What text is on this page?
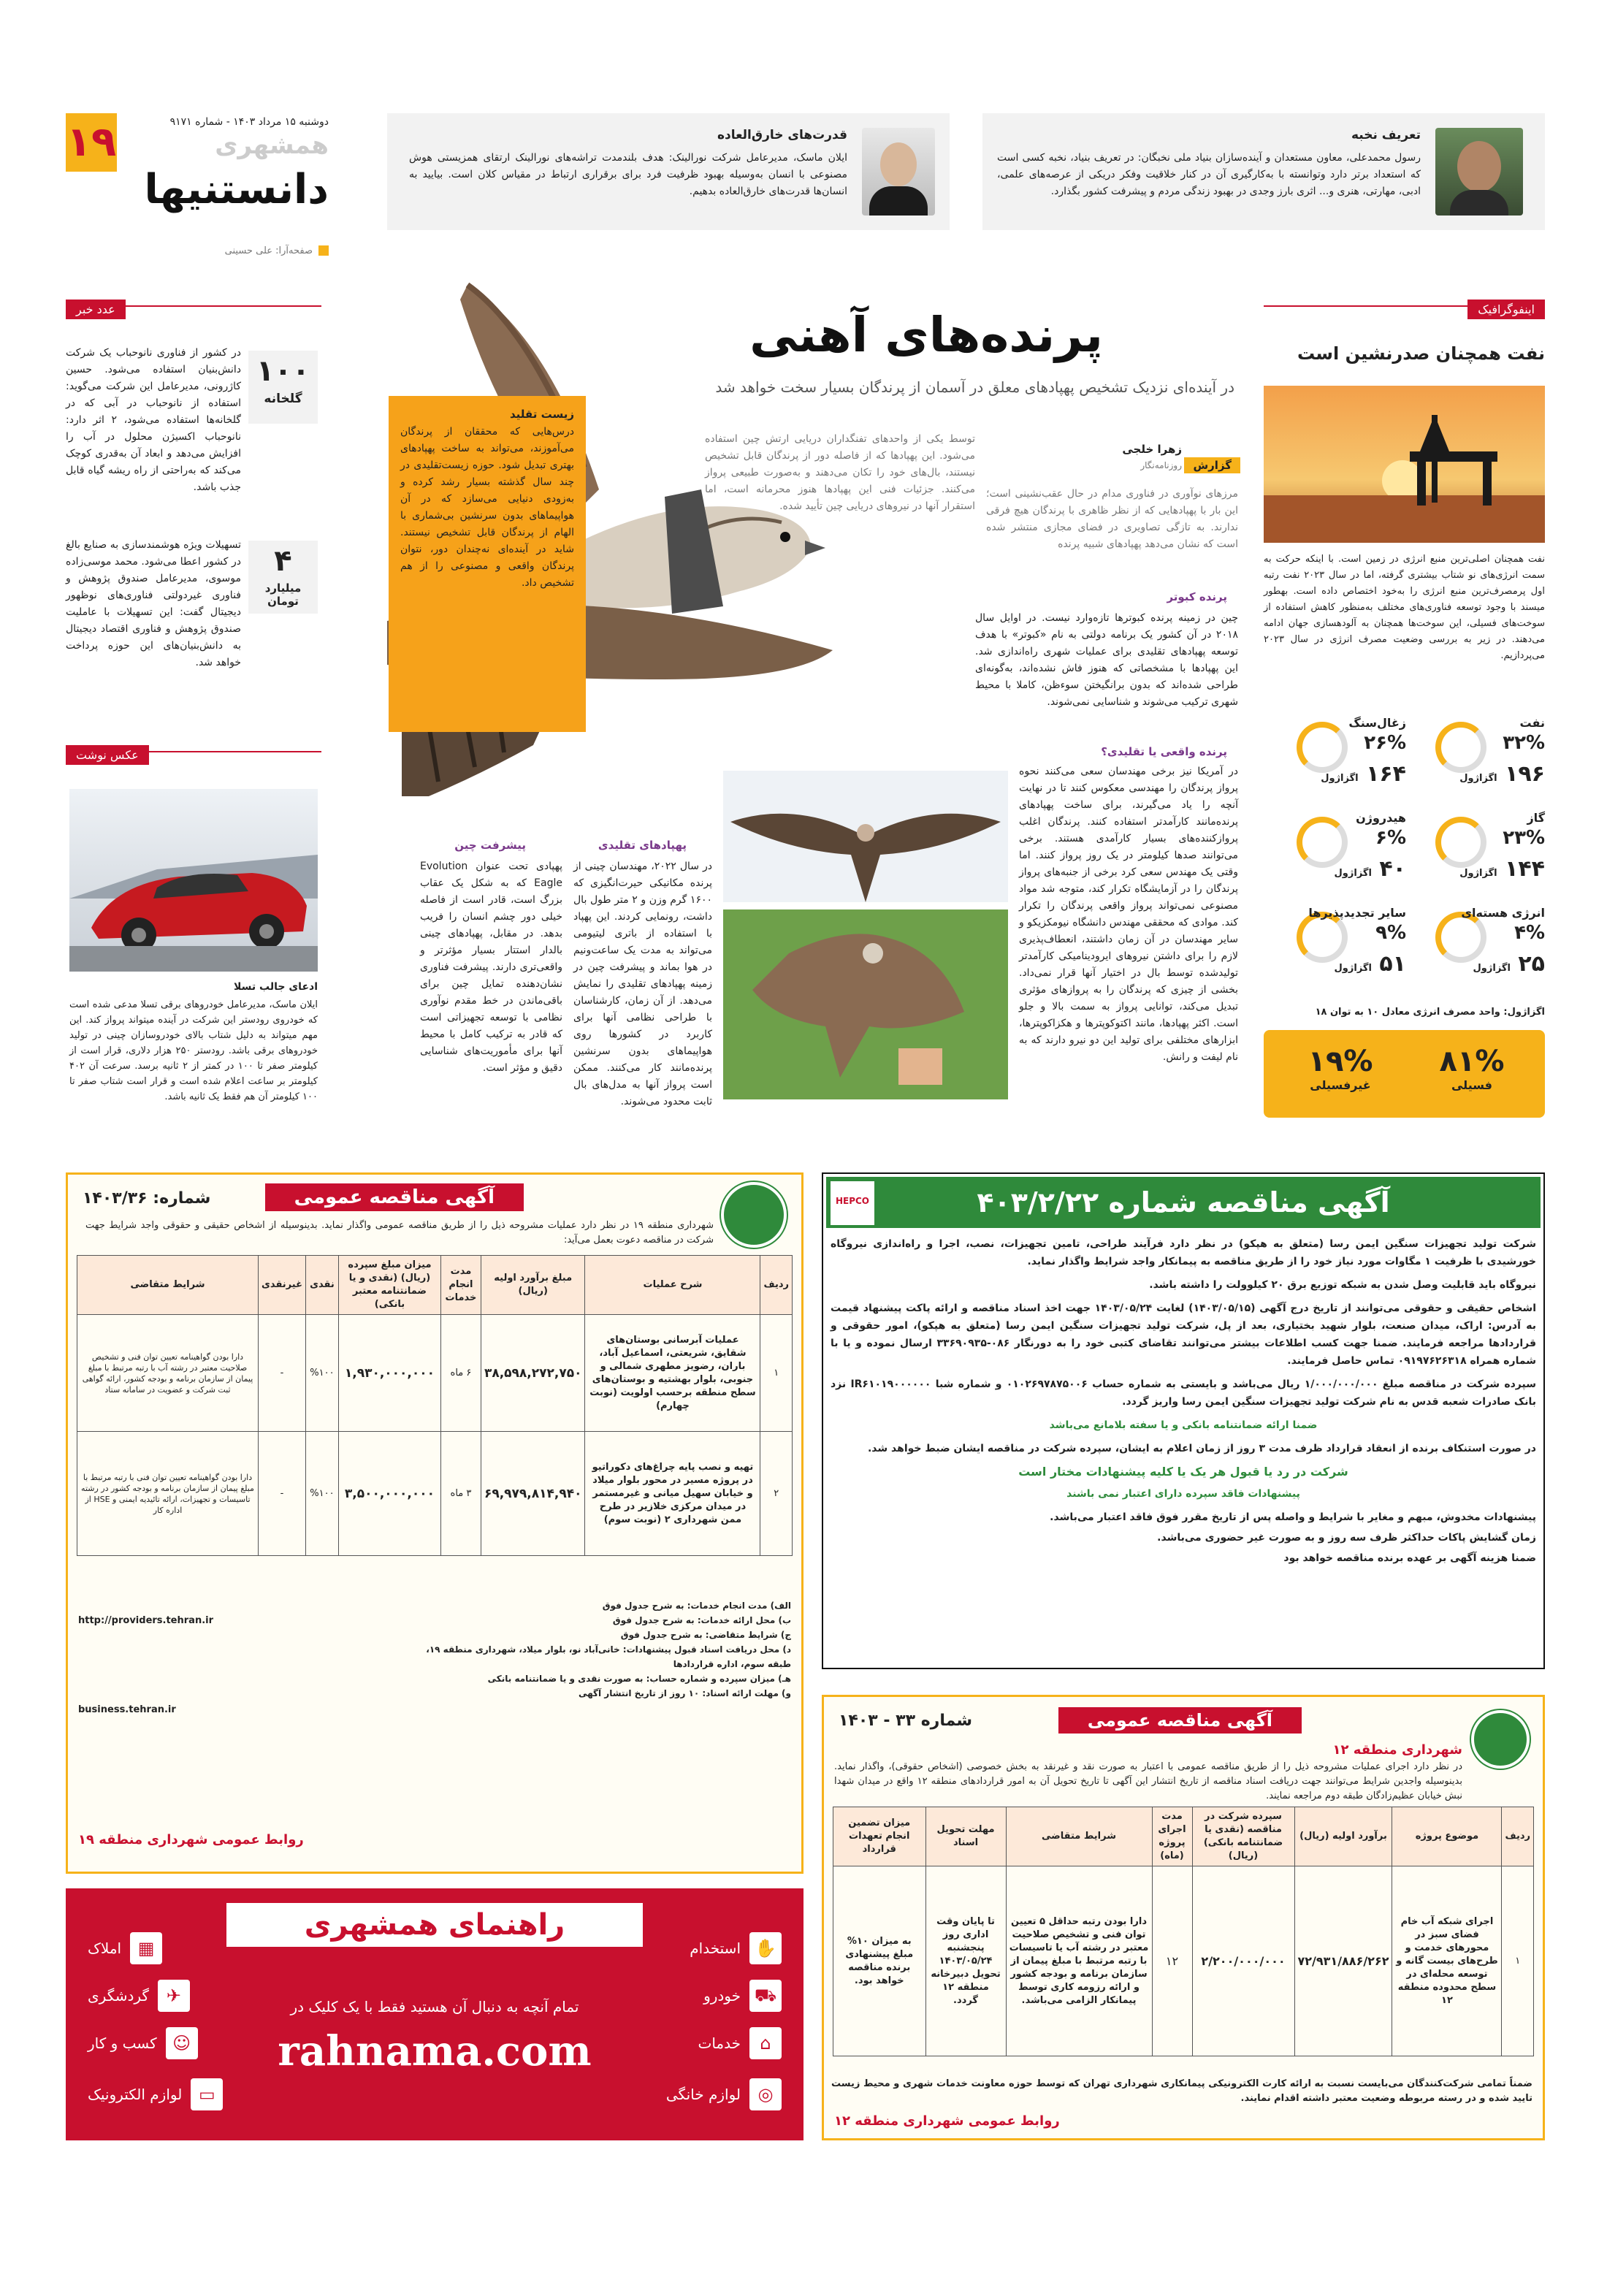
۱۹	دوشنبه ۱۵ مرداد ۱۴۰۳ - شماره ۹۱۷۱
همشهری
دانستنیها
صفحه‌آرا: علی حسینی
تعریف نخبه
رسول محمدعلی، معاون مستعدان و آینده‌سازان بنیاد ملی نخبگان: در تعریف بنیاد، نخبه کسی است که استعداد برتر دارد وتوانسته با به‌کارگیری آن در کنار خلاقیت وفکر دریکی از عرصه‌های علمی، ادبی، مهارتی، هنری و... اثری بارز وجدی در بهبود زندگی مردم و پیشرفت کشور بگذارد.
قدرت‌های خارق‌العاده
ایلان ماسک، مدیرعامل شرکت نورالینک: هدف بلندمدت تراشه‌های نورالینک ارتقای همزیستی هوش مصنوعی با انسان به‌وسیله بهبود ظرفیت فرد برای برقراری ارتباط در مقیاس کلان است. بیایید به انسان‌ها قدرت‌های خارق‌العاده بدهیم.
عدد خبر
۱۰۰
گلخانه
در کشور از فناوری نانوحباب یک شرکت دانش‌بنیان استفاده می‌شود. حسین کاژرونی، مدیرعامل این شرکت می‌گوید: استفاده از نانوحباب در آبی که در گلخانه‌ها استفاده می‌شود، ۲ اثر دارد: نانوحباب اکسیژن محلول در آب را افزایش می‌دهد و ابعاد آن به‌قدری کوچک می‌کند که به‌راحتی از راه ریشه گیاه قابل جذب باشد.
۴
میلیارد تومان
تسهیلات ویژه هوشمندسازی به صنایع بالغ در کشور اعطا می‌شود. محمد موسی‌زاده موسوی، مدیرعامل صندوق پژوهش و فناوری غیردولتی فناوری‌های نوظهور دیجیتال گفت: این تسهیلات با عاملیت صندوق پژوهش و فناوری اقتصاد دیجیتال به دانش‌بنیان‌های این حوزه پرداخت خواهد شد.
عکس نوشت
ادعای جالب تسلا
ایلان ماسک، مدیرعامل خودروهای برقی تسلا مدعی شده است که خودروی رودستر این شرکت در آینده میتواند پرواز کند. این مهم میتواند به دلیل شتاب بالای خودروسازان چینی در تولید خودروهای برقی باشد. رودستر ۲۵۰ هزار دلاری، قرار است از کیلومتر صفر تا ۱۰۰ در کمتر از ۲ ثانیه برسد. سرعت آن ۴۰۲ کیلومتر بر ساعت اعلام شده است و قرار است شتاب صفر تا ۱۰۰ کیلومتر آن هم فقط یک ثانیه باشد.
پرنده‌های آهنی
در آینده‌ای نزدیک تشخیص پهپادهای معلق در آسمان از پرندگان بسیار سخت خواهد شد
زیست تقلید
درس‌هایی که محققان از پرندگان می‌آموزند، می‌تواند به ساخت پهپادهای بهتری تبدیل شود. حوزه زیست‌تقلیدی در چند سال گذشته بسیار رشد کرده و به‌زودی دنیایی می‌سازد که در آن هواپیماهای بدون سرنشین بی‌شماری با الهام از پرندگان قابل تشخیص نیستند. شاید در آینده‌ای نه‌چندان دور، نتوان پرندگان واقعی و مصنوعی را از هم تشخیص داد.
گزارش
زهرا خلجی
روزنامه‌نگار
مرزهای نوآوری در فناوری مدام در حال عقب‌نشینی است؛ این بار با پهپادهایی که از نظر ظاهری با پرندگان هیچ فرقی ندارند. به تازگی تصاویری در فضای مجازی منتشر شده است که نشان می‌دهد پهپادهای شبیه پرنده
توسط یکی از واحدهای تفنگداران دریایی ارتش چین استفاده می‌شود. این پهپادها که از فاصله دور از پرندگان قابل تشخیص نیستند، بال‌های خود را تکان می‌دهند و به‌صورت طبیعی پرواز می‌کنند. جزئیات فنی این پهپادها هنوز محرمانه است، اما استقرار آنها در نیروهای دریایی چین تأیید شده.
پرنده کبوتر
چین در زمینه پرنده کبوترها تازه‌وارد نیست. در اوایل سال ۲۰۱۸ در آن کشور یک برنامه دولتی به نام «کبوتر» با هدف توسعه پهپادهای تقلیدی برای عملیات شهری راه‌اندازی شد. این پهپادها با مشخصاتی که هنوز فاش نشده‌اند، به‌گونه‌ای طراحی شده‌اند که بدون برانگیختن سوءظن، کاملا با محیط شهری ترکیب می‌شوند و شناسایی نمی‌شوند.
پرنده واقعی یا تقلیدی؟
در آمریکا نیز برخی مهندسان سعی می‌کنند نحوه پرواز پرندگان را مهندسی معکوس کنند تا در نهایت آنچه را یاد می‌گیرند، برای ساخت پهپادهای پرنده‌مانند کارآمدتر استفاده کنند. پرندگان اغلب پروازکننده‌های بسیار کارآمدی هستند. برخی می‌توانند صدها کیلومتر در یک روز پرواز کنند. اما وقتی یک مهندس سعی کرد برخی از جنبه‌های پرواز پرندگان را در آزمایشگاه تکرار کند، متوجه شد مواد مصنوعی نمی‌تواند پرواز واقعی پرندگان را تکرار کند. موادی که محققی مهندس دانشگاه نیومکزیکو و سایر مهندسان در آن زمان داشتند، انعطاف‌پذیری لازم را برای داشتن نیروهای ایرودینامیکی کارآمدتر تولید‌شده توسط بال در اختیار آنها قرار نمی‌داد. بخشی از چیزی که پرندگان را به پروازهای مؤثری تبدیل می‌کند، توانایی پرواز به سمت بالا و جلو است. اکثر پهپادها، مانند اکتوکوپترها و هکزاکوپترها، ابزارهای مختلفی برای تولید این دو نیرو دارند که به نام لیفت و رانش.
پهپادهای تقلیدی
در سال ۲۰۲۲، مهندسان چینی از پرنده مکانیکی حیرت‌انگیزی که ۱۶۰۰ گرم وزن و ۲ متر طول بال داشت، رونمایی کردند. این پهپاد با استفاده از باتری لیتیومی می‌تواند به مدت یک ساعت‌ونیم در هوا بماند و پیشرفت چین در زمینه پهپادهای تقلیدی را نمایش می‌دهد. از آن زمان، کارشناسان با طراحی نظامی آنها برای کاربرد در کشورها روی هواپیماهای بدون سرنشین پرنده‌مانند کار می‌کنند. ممکن است پرواز آنها به مدل‌های بال ثابت محدود می‌شوند.
پیشرفت چین
پهپادی تحت عنوان Evolution Eagle که به شکل یک عقاب بزرگ است، قادر است از فاصله خیلی دور چشم انسان را فریب بدهد. در مقابل، پهپادهای چینی بالدار استتار بسیار مؤثرتر و واقعی‌تری دارند. پیشرفت فناوری نشان‌دهنده تمایل چین برای باقی‌ماندن در خط مقدم نوآوری نظامی با توسعه تجهیزاتی است که قادر به ترکیب کامل با محیط آنها برای مأموریت‌های شناسایی دقیق و مؤثر است.
اینفوگرافیک
نفت همچنان صدرنشین است
نفت همچنان اصلی‌ترین منبع انرژی در زمین است. با اینکه حرکت به سمت انرژی‌های نو شتاب بیشتری گرفته، اما در سال ۲۰۲۳ نفت رتبه اول پرمصرف‌ترین منبع انرژی را به‌خود اختصاص داده است. بهطور میسند با وجود توسعه فناوری‌های مختلف به‌منظور کاهش استفاده از سوخت‌های فسیلی، این سوخت‌ها همچنان به آلودهسازی جهان ادامه می‌دهند. در زیر به بررسی وضعیت مصرف انرژی در سال ۲۰۲۳ می‌پردازیم.
نفت
۳۲%
۱۹۶ اگزاژول
زغال‌سنگ
۲۶%
۱۶۴ اگزاژول
گاز
۲۳%
۱۴۴ اگزاژول
هیدروژن
۶%
۴۰ اگزاژول
انرژی هسته‌ای
۴%
۲۵ اگزاژول
سایر تجدیدپذیرها
۹%
۵۱ اگزاژول
اگزاژول: واحد مصرف انرژی معادل ۱۰ به توان ۱۸
۸۱%
فسیلی
۱۹%
غیرفسیلی
آگهی مناقصه شماره ۴۰۳/۲/۲۲
HEPCO

شرکت تولید تجهیزات سنگین ایمن رسا (متعلق به هپکو) در نظر دارد فرآیند طراحی، تامین تجهیزات، نصب، اجرا و راه‌اندازی نیروگاه خورشیدی با ظرفیت ۱ مگاوات مورد نیاز خود را از طریق مناقصه به پیمانکار واجد شرایط واگذار نماید.

نیروگاه باید قابلیت وصل شدن به شبکه توزیع برق ۲۰ کیلوولت را داشته باشد.

اشخاص حقیقی و حقوقی می‌توانند از تاریخ درج آگهی (۱۴۰۳/۰۵/۱۵) لغایت ۱۴۰۳/۰۵/۲۴ جهت اخذ اسناد مناقصه و ارائه پاکت پیشنهاد قیمت به آدرس: اراک، میدان صنعت، بلوار شهید بختیاری، بعد از پل، شرکت تولید تجهیزات سنگین ایمن رسا (متعلق به هپکو)، امور حقوقی و قراردادها مراجعه فرمایند. ضمنا جهت کسب اطلاعات بیشتر می‌توانند تقاضای کتبی خود را به دورنگار ۰۸۶-۳۳۶۹۰۹۳۵ ارسال نموده و یا با شماره همراه ۰۹۱۹۷۶۲۶۳۱۸ تماس حاصل فرمایند.

سپرده شرکت در مناقصه مبلغ ۱/۰۰۰/۰۰۰/۰۰۰ ریال می‌باشد و بایستی به شماره حساب ۰۱۰۲۶۹۷۸۷۵۰۰۶ و شماره شبا IR۶۱۰۱۹۰۰۰۰۰۰ نزد بانک صادرات شعبه قدس به نام شرکت تولید تجهیزات سنگین ایمن رسا واریز گردد.

ضمنا ارائه ضمانتنامه بانکی و یا سفته بلامانع می‌باشد

در صورت استنکاف برنده از انعقاد قرارداد ظرف مدت ۳ روز از زمان اعلام به ایشان، سپرده شرکت در مناقصه ایشان ضبط خواهد شد.

شرکت در رد یا قبول هر یک یا کلیه پیشنهادات مختار است

پیشنهادات فاقد سپرده دارای اعتبار نمی باشند

پیشنهادات مخدوش، مبهم و مغایر با شرایط و واصله پس از تاریخ مقرر فوق فاقد اعتبار می‌باشد.

زمان گشایش پاکات حداکثر ظرف سه روز و به صورت غیر حضوری می‌باشد.

ضمنا هزینه آگهی بر عهده برنده مناقصه خواهد بود

آگهی مناقصه عمومی
شماره: ۱۴۰۳/۳۶
شهرداری منطقه ۱۹ در نظر دارد عملیات مشروحه ذیل را از طریق مناقصه عمومی واگذار نماید. بدینوسیله از اشخاص حقیقی و حقوقی واجد شرایط جهت شرکت در مناقصه دعوت بعمل می‌آید:
ردیف	شرح عملیات	مبلغ برآورد اولیه (ریال)	مدت انجام خدمات	میزان مبلغ سپرده (ریال) (نقدی و یا ضمانتنامه معتبر بانکی)	نقدی	غیرنقدی	شرایط متقاضی
۱	عملیات آبرسانی بوستان‌های شقایق، شریعتی، اسماعیل آباد، باران، رضویز مطهری شمالی و جنوبی، بلوار بهشتیه و بوستان‌های سطح منطقه برحسب اولویت (نوبت چهارم)	۳۸,۵۹۸,۲۷۲,۷۵۰	۶ ماه	۱,۹۳۰,۰۰۰,۰۰۰	%۱۰۰	-	دارا بودن گواهینامه تعیین توان فنی و تشخیص صلاحیت معتبر در رشته آب با رتبه مرتبط با مبلغ پیمان از سازمان برنامه و بودجه کشور، ارائه گواهی ثبت شرکت و عضویت در سامانه ستاد
۲	تهیه و نصب پایه چراغ‌های دکوراتیو در پروژه مسیر در محور بلوار میلاد و خیابان سهیل میانی و غیرمستمر در میدان مرکزی خلازیر در طرح ممن شهرداری ۲ (نوبت سوم)	۶۹,۹۷۹,۸۱۴,۹۴۰	۳ ماه	۳,۵۰۰,۰۰۰,۰۰۰	%۱۰۰	-	دارا بودن گواهینامه تعیین توان فنی با رتبه مرتبط با مبلغ پیمان از سازمان برنامه و بودجه کشور در رشته تاسیسات و تجهیزات، ارائه تائیدیه ایمنی و HSE از اداره کار
الف) مدت انجام خدمات: به شرح جدول فوق
ب) محل ارائه خدمات: به شرح جدول فوق
ج) شرایط متقاضی: به شرح جدول فوق
د) محل دریافت اسناد قبول پیشنهادات: خانی‌آباد نو، بلوار میلاد، شهرداری منطقه ۱۹، طبقه سوم، اداره قراردادها
هـ) میزان سپرده و شماره حساب: به صورت نقدی و یا ضمانتنامه بانکی
و) مهلت ارائه اسناد: ۱۰ روز از تاریخ انتشار آگهی
http://providers.tehran.ir
business.tehran.ir
روابط عمومی شهرداری منطقه ۱۹
آگهی مناقصه عمومی
شماره ۳۳ - ۱۴۰۳
شهرداری منطقه ۱۲
در نظر دارد اجرای عملیات مشروحه ذیل را از طریق مناقصه عمومی با اعتبار به صورت نقد و غیرنقد به بخش خصوصی (اشخاص حقوقی)، واگذار نماید. بدینوسیله واجدین شرایط می‌توانند جهت دریافت اسناد مناقصه از تاریخ انتشار این آگهی تا تاریخ تحویل آن به امور قراردادهای منطقه ۱۲ واقع در میدان شهدا نبش خیابان عظیم‌زادگان طبقه دوم مراجعه نمایند.
ردیف	موضوع پروژه	برآورد اولیه (ریال)	سپرده شرکت در مناقصه (نقدی یا ضمانتنامه بانکی) (ریال)	مدت اجرای پروژه (ماه)	شرایط متقاضی	مهلت تحویل اسناد	میزان تضمین انجام تعهدات قرارداد
۱	اجرای شبکه آب خام فضای سبز در محورهای خدمت و طرح‌های بیست گانه و توسعه محله‌ای در سطح محدوده منطقه ۱۲	۷۲/۹۳۱/۸۸۶/۲۶۲	۲/۲۰۰/۰۰۰/۰۰۰	۱۲	دارا بودن رتبه حداقل ۵ تعیین توان فنی و تشخیص صلاحیت معتبر در رشته آب یا تاسیسات با رتبه مرتبط با مبلغ پیمان از سازمان برنامه و بودجه کشور و ارائه رزومه کاری توسط پیمانکار الزامی می‌باشد.	تا پایان وقت اداری روز پنجشنبه ۱۴۰۳/۰۵/۲۴ تحویل دبیرخانه منطقه ۱۲ گردد.	به میزان ۱۰% مبلغ پیشنهادی برنده مناقصه خواهد بود.
ضمناً تمامی شرکت‌کنندگان می‌بایست نسبت به ارائه کارت الکترونیکی پیمانکاری شهرداری تهران که توسط حوزه معاونت خدمات شهری و محیط زیست تایید شده و در رسته مربوطه وضعیت معتبر داشته اقدام نمایند.
روابط عمومی شهرداری منطقه ۱۲
راهنمای همشهری
تمام آنچه به دنبال آن هستید فقط با یک کلیک در
rahnama.com
▦
املاک
✈
گردشگری
☺
کسب و کار
▭
لوازم الکترونیک
✋
استخدام
⛟
خودرو
⌂
خدمات
◎
لوازم خانگی
